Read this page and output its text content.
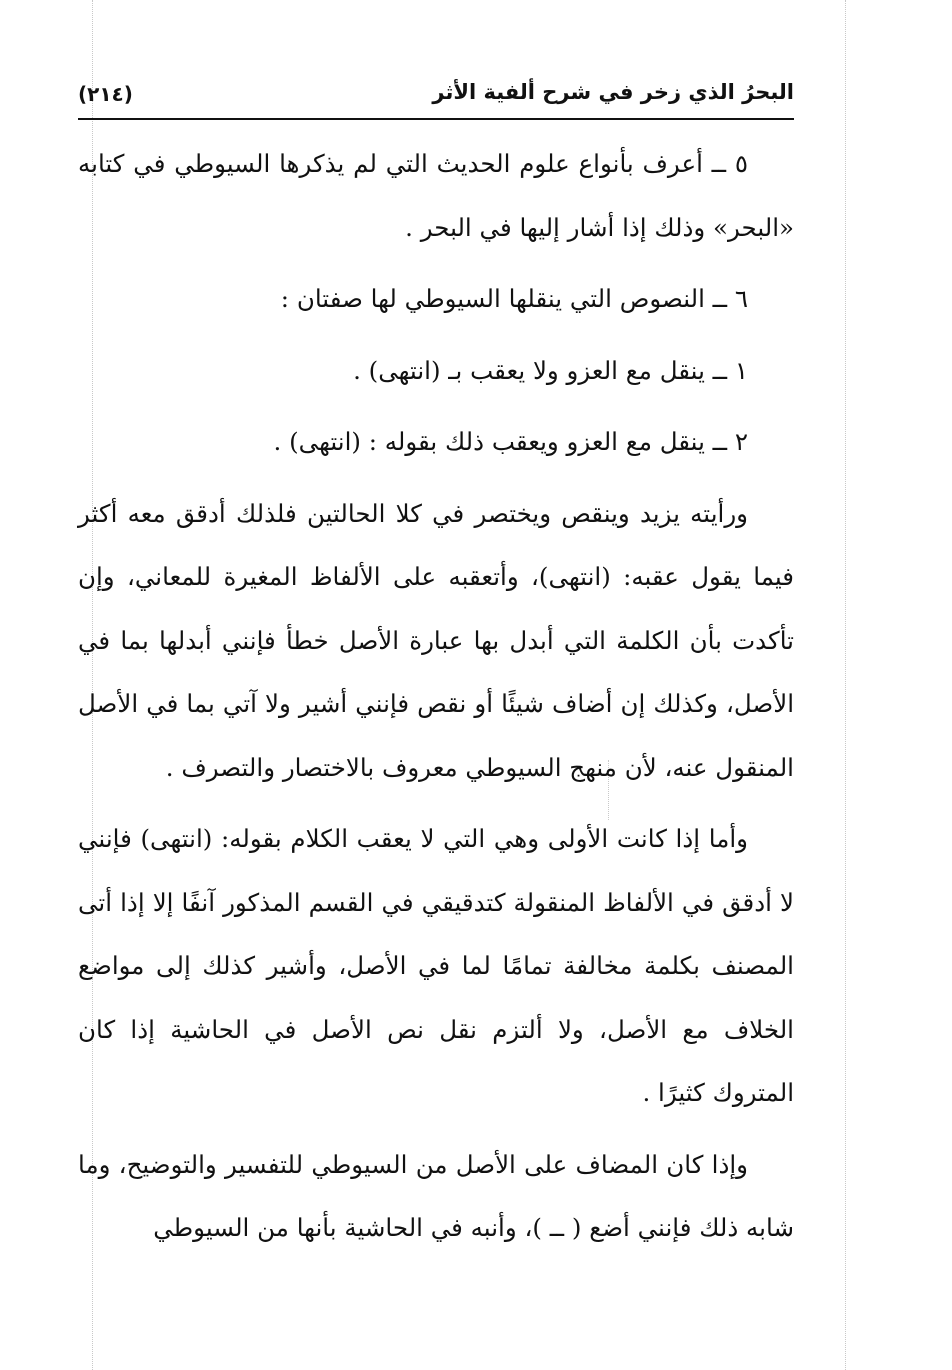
البحرُ الذي زخر في شرح ألفية الأثر
(٢١٤)

٥ ــ أعرف بأنواع علوم الحديث التي لم يذكرها السيوطي في كتابه «البحر» وذلك إذا أشار إليها في البحر .

٦ ــ النصوص التي ينقلها السيوطي لها صفتان :

١ ــ ينقل مع العزو ولا يعقب بـ (انتهى) .

٢ ــ ينقل مع العزو ويعقب ذلك بقوله : (انتهى) .

ورأيته يزيد وينقص ويختصر في كلا الحالتين فلذلك أدقق معه أكثر فيما يقول عقبه: (انتهى)، وأتعقبه على الألفاظ المغيرة للمعاني، وإن تأكدت بأن الكلمة التي أبدل بها عبارة الأصل خطأ فإنني أبدلها بما في الأصل، وكذلك إن أضاف شيئًا أو نقص فإنني أشير ولا آتي بما في الأصل المنقول عنه، لأن منهج السيوطي معروف بالاختصار والتصرف .

وأما إذا كانت الأولى وهي التي لا يعقب الكلام بقوله: (انتهى) فإنني لا أدقق في الألفاظ المنقولة كتدقيقي في القسم المذكور آنفًا إلا إذا أتى المصنف بكلمة مخالفة تمامًا لما في الأصل، وأشير كذلك إلى مواضع الخلاف مع الأصل، ولا ألتزم نقل نص الأصل في الحاشية إذا كان المتروك كثيرًا .

وإذا كان المضاف على الأصل من السيوطي للتفسير والتوضيح، وما شابه ذلك فإنني أضع ( ــ )، وأنبه في الحاشية بأنها من السيوطي
